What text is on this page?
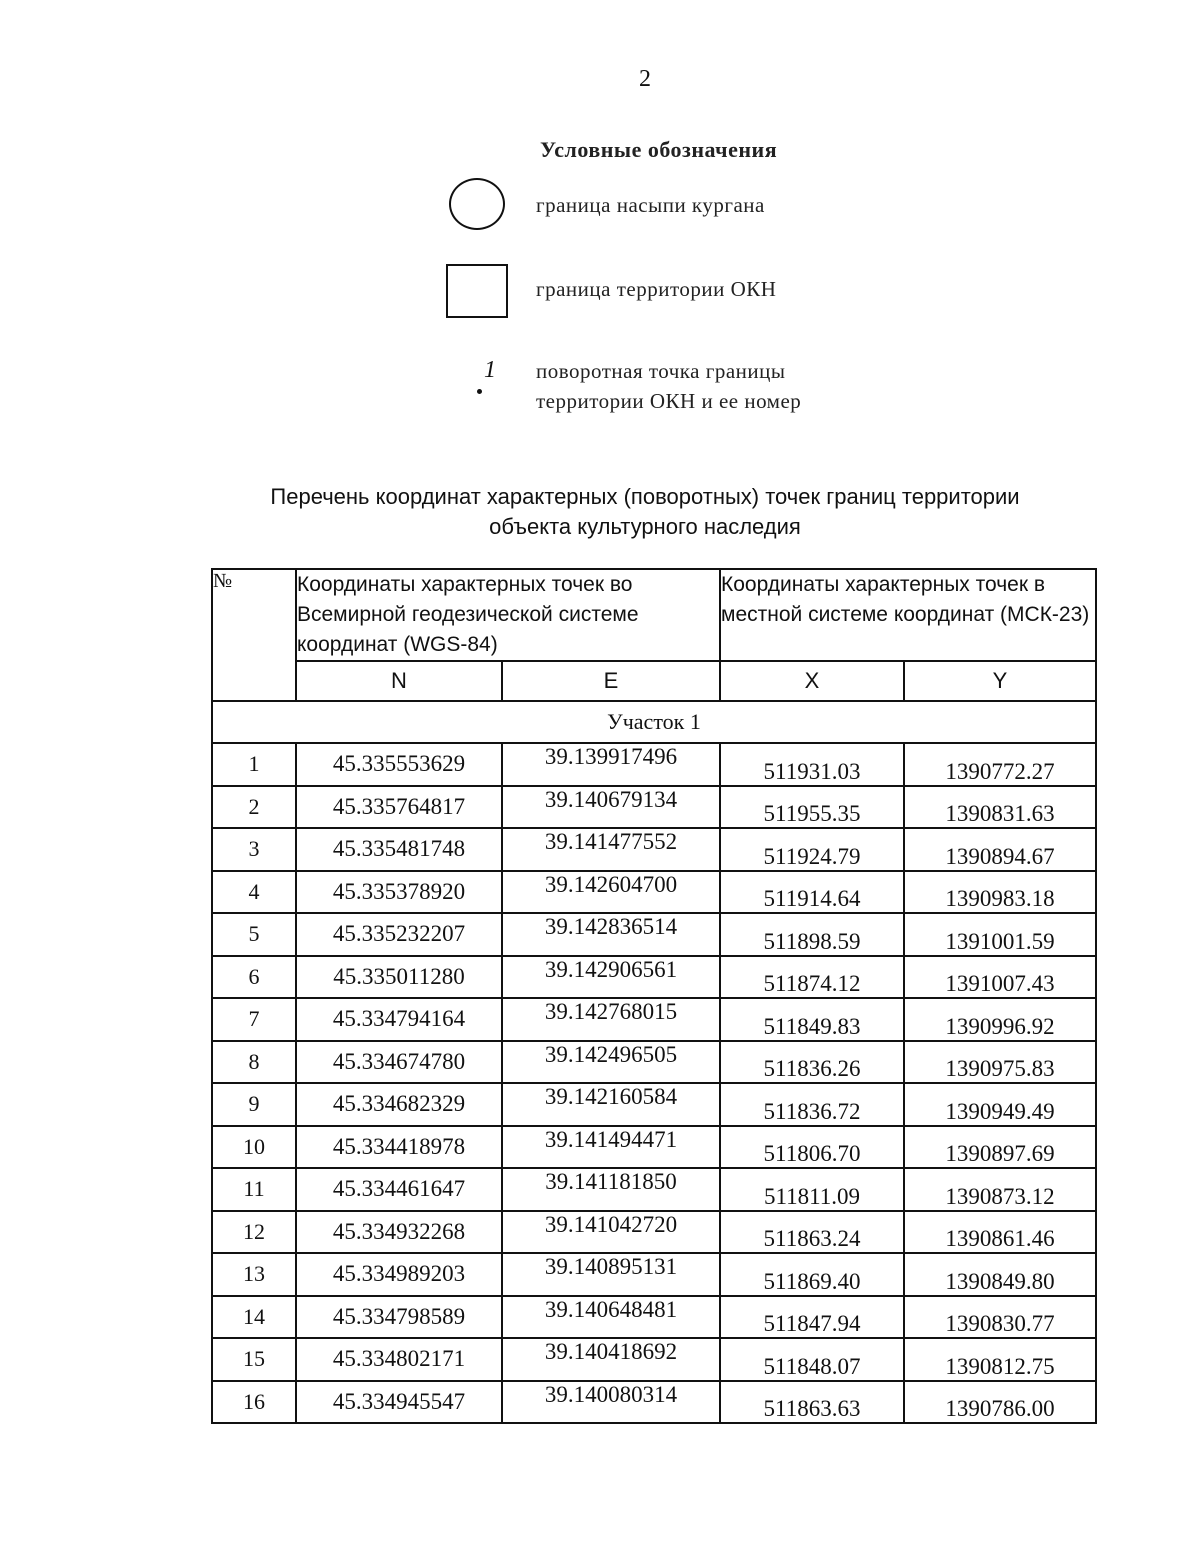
2
Условные обозначения
граница насыпи кургана
граница территории ОКН
1 поворотная точка границы
территории ОКН и ее номер
Перечень координат характерных (поворотных) точек границ территории
объекта культурного наследия
№	Координаты характерных точек во Всемирной геодезической системе координат (WGS-84)		Координаты характерных точек в местной системе координат (МСК-23)	
	N	E	X	Y
Участок 1				
1	45.335553629	39.139917496	511931.03	1390772.27
2	45.335764817	39.140679134	511955.35	1390831.63
3	45.335481748	39.141477552	511924.79	1390894.67
4	45.335378920	39.142604700	511914.64	1390983.18
5	45.335232207	39.142836514	511898.59	1391001.59
6	45.335011280	39.142906561	511874.12	1391007.43
7	45.334794164	39.142768015	511849.83	1390996.92
8	45.334674780	39.142496505	511836.26	1390975.83
9	45.334682329	39.142160584	511836.72	1390949.49
10	45.334418978	39.141494471	511806.70	1390897.69
11	45.334461647	39.141181850	511811.09	1390873.12
12	45.334932268	39.141042720	511863.24	1390861.46
13	45.334989203	39.140895131	511869.40	1390849.80
14	45.334798589	39.140648481	511847.94	1390830.77
15	45.334802171	39.140418692	511848.07	1390812.75
16	45.334945547	39.140080314	511863.63	1390786.00
